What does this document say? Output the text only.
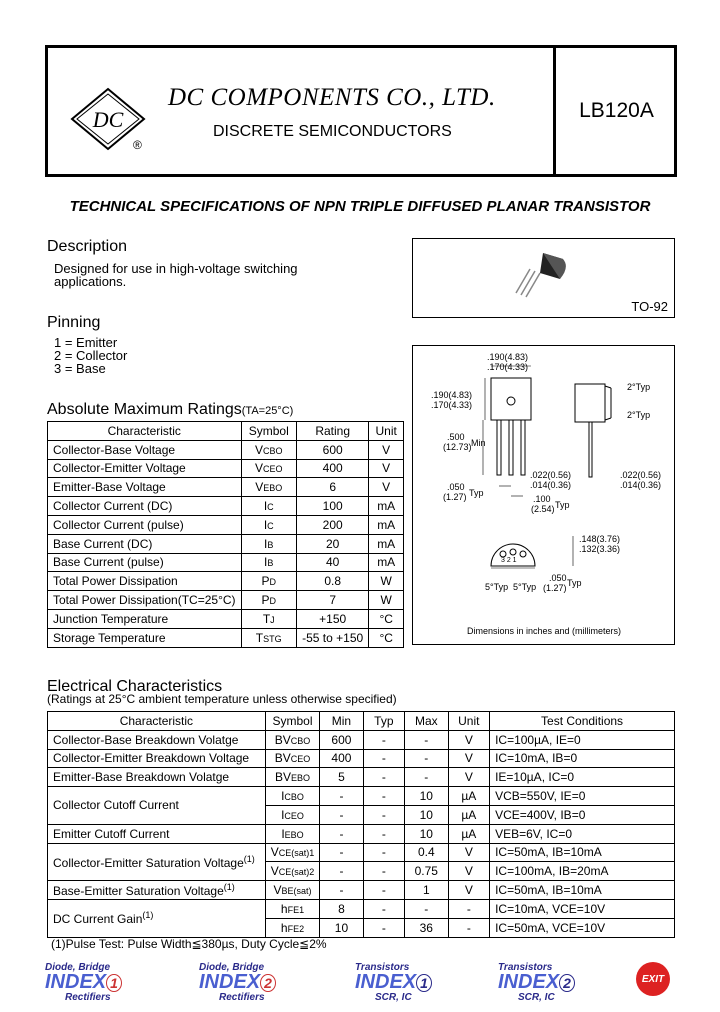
DC
®
DC COMPONENTS CO., LTD.
DISCRETE SEMICONDUCTORS
LB120A
TECHNICAL SPECIFICATIONS OF NPN TRIPLE DIFFUSED PLANAR TRANSISTOR
Description
Designed for use in high-voltage switching
applications.
Pinning
1 = Emitter
2 = Collector
3 = Base
TO-92
.190(4.83)
.170(4.33)
.190(4.83)
.170(4.33)
.500
(12.73) Min
.022(0.56)
.014(0.36)
.022(0.56)
.014(0.36)
.050
(1.27) Typ
.100
(2.54) Typ
2°Typ
2°Typ
.148(3.76)
.132(3.36)
.050
(1.27) Typ
5°Typ 5°Typ
3 2 1
Dimensions in inches and (millimeters)
Absolute Maximum Ratings(TA=25°C)
Characteristic	Symbol	Rating	Unit
Collector-Base Voltage	VCBO	600	V
Collector-Emitter Voltage	VCEO	400	V
Emitter-Base Voltage	VEBO	6	V
Collector Current (DC)	IC	100	mA
Collector Current (pulse)	IC	200	mA
Base Current (DC)	IB	20	mA
Base Current (pulse)	IB	40	mA
Total Power Dissipation	PD	0.8	W
Total Power Dissipation(TC=25°C)	PD	7	W
Junction Temperature	TJ	+150	°C
Storage Temperature	TSTG	-55 to +150	°C
Electrical Characteristics
(Ratings at 25°C ambient temperature unless otherwise specified)
Characteristic	Symbol	Min	Typ	Max	Unit	Test Conditions
Collector-Base Breakdown Volatge	BVCBO	600	-	-	V	IC=100µA, IE=0
Collector-Emitter Breakdown Voltage	BVCEO	400	-	-	V	IC=10mA, IB=0
Emitter-Base Breakdown Volatge	BVEBO	5	-	-	V	IE=10µA, IC=0
Collector Cutoff Current	ICBO	-	-	10	µA	VCB=550V, IE=0
	ICEO	-	-	10	µA	VCE=400V, IB=0
Emitter Cutoff Current	IEBO	-	-	10	µA	VEB=6V, IC=0
Collector-Emitter Saturation Voltage$^{(1)}$	VCE(sat)1	-	-	0.4	V	IC=50mA, IB=10mA
	VCE(sat)2	-	-	0.75	V	IC=100mA, IB=20mA
Base-Emitter Saturation Voltage$^{(1)}$	VBE(sat)	-	-	1	V	IC=50mA, IB=10mA
DC Current Gain$^{(1)}$	hFE1	8	-	-	-	IC=10mA, VCE=10V
	hFE2	10	-	36	-	IC=50mA, VCE=10V
(1)Pulse Test: Pulse Width≦380µs, Duty Cycle≦2%
Diode, Bridge
INDEX 1
Rectifiers
Diode, Bridge
INDEX 2
Rectifiers
Transistors
INDEX 1
SCR, IC
Transistors
INDEX 2
SCR, IC
EXIT
